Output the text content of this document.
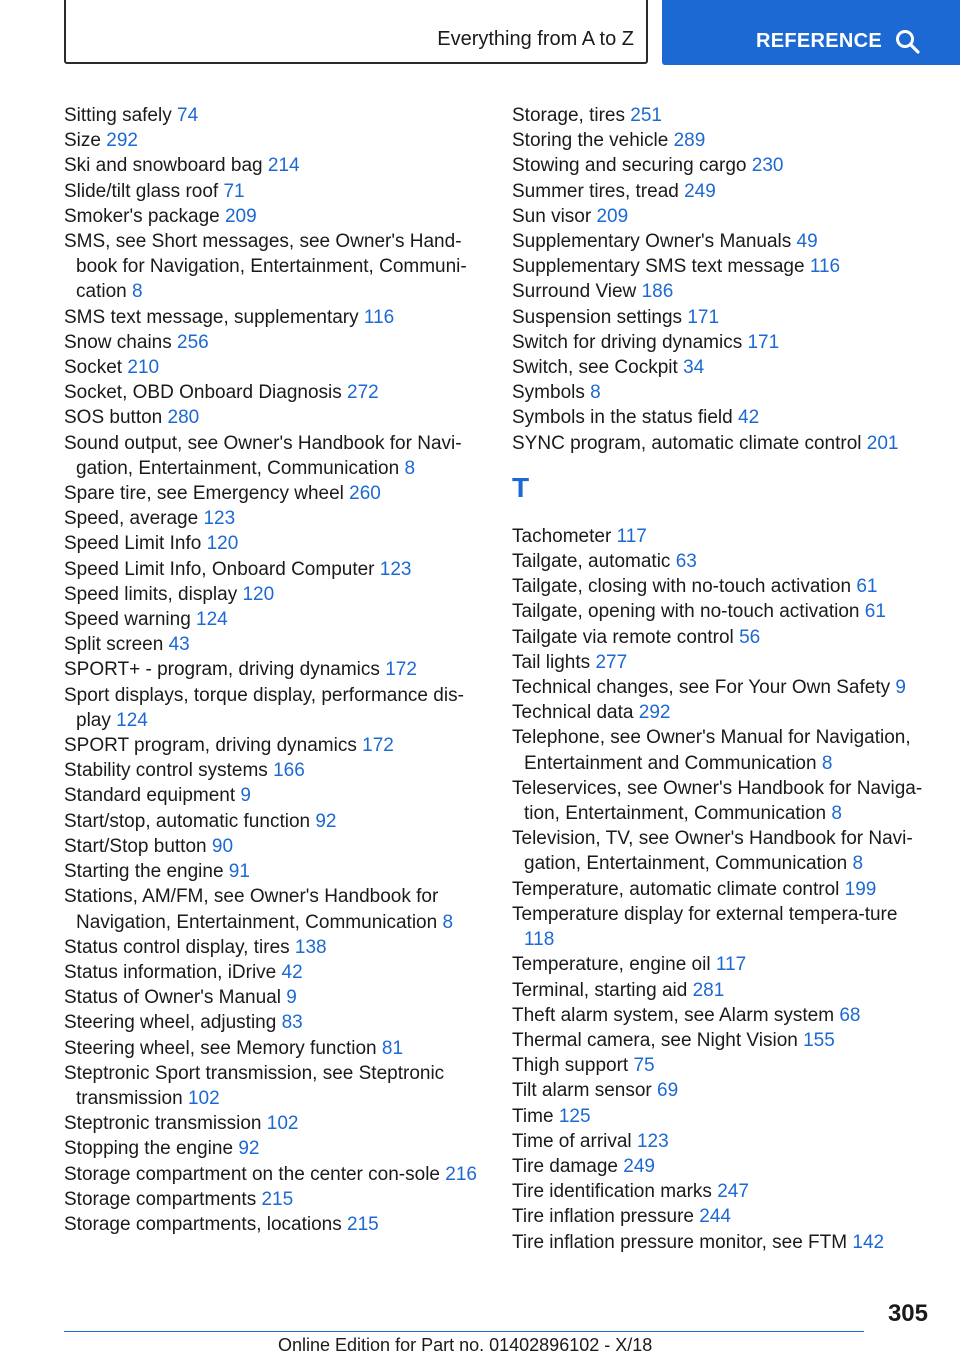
Everything from A to Z	REFERENCE
Sitting safely 74
Size 292
Ski and snowboard bag 214
Slide/tilt glass roof 71
Smoker's package 209
SMS, see Short messages, see Owner's Hand‐book for Navigation, Entertainment, Communi‐cation 8
SMS text message, supplementary 116
Snow chains 256
Socket 210
Socket, OBD Onboard Diagnosis 272
SOS button 280
Sound output, see Owner's Handbook for Navi‐gation, Entertainment, Communication 8
Spare tire, see Emergency wheel 260
Speed, average 123
Speed Limit Info 120
Speed Limit Info, Onboard Computer 123
Speed limits, display 120
Speed warning 124
Split screen 43
SPORT+ - program, driving dynamics 172
Sport displays, torque display, performance dis‐play 124
SPORT program, driving dynamics 172
Stability control systems 166
Standard equipment 9
Start/stop, automatic function 92
Start/Stop button 90
Starting the engine 91
Stations, AM/FM, see Owner's Handbook for Navigation, Entertainment, Communication 8
Status control display, tires 138
Status information, iDrive 42
Status of Owner's Manual 9
Steering wheel, adjusting 83
Steering wheel, see Memory function 81
Steptronic Sport transmission, see Steptronic transmission 102
Steptronic transmission 102
Stopping the engine 92
Storage compartment on the center con‐sole 216
Storage compartments 215
Storage compartments, locations 215
Storage, tires 251
Storing the vehicle 289
Stowing and securing cargo 230
Summer tires, tread 249
Sun visor 209
Supplementary Owner's Manuals 49
Supplementary SMS text message 116
Surround View 186
Suspension settings 171
Switch for driving dynamics 171
Switch, see Cockpit 34
Symbols 8
Symbols in the status field 42
SYNC program, automatic climate control 201
T
Tachometer 117
Tailgate, automatic 63
Tailgate, closing with no-touch activation 61
Tailgate, opening with no-touch activation 61
Tailgate via remote control 56
Tail lights 277
Technical changes, see For Your Own Safety 9
Technical data 292
Telephone, see Owner's Manual for Navigation, Entertainment and Communication 8
Teleservices, see Owner's Handbook for Naviga‐tion, Entertainment, Communication 8
Television, TV, see Owner's Handbook for Navi‐gation, Entertainment, Communication 8
Temperature, automatic climate control 199
Temperature display for external tempera‐ture 118
Temperature, engine oil 117
Terminal, starting aid 281
Theft alarm system, see Alarm system 68
Thermal camera, see Night Vision 155
Thigh support 75
Tilt alarm sensor 69
Time 125
Time of arrival 123
Tire damage 249
Tire identification marks 247
Tire inflation pressure 244
Tire inflation pressure monitor, see FTM 142
305
Online Edition for Part no. 01402896102 - X/18
